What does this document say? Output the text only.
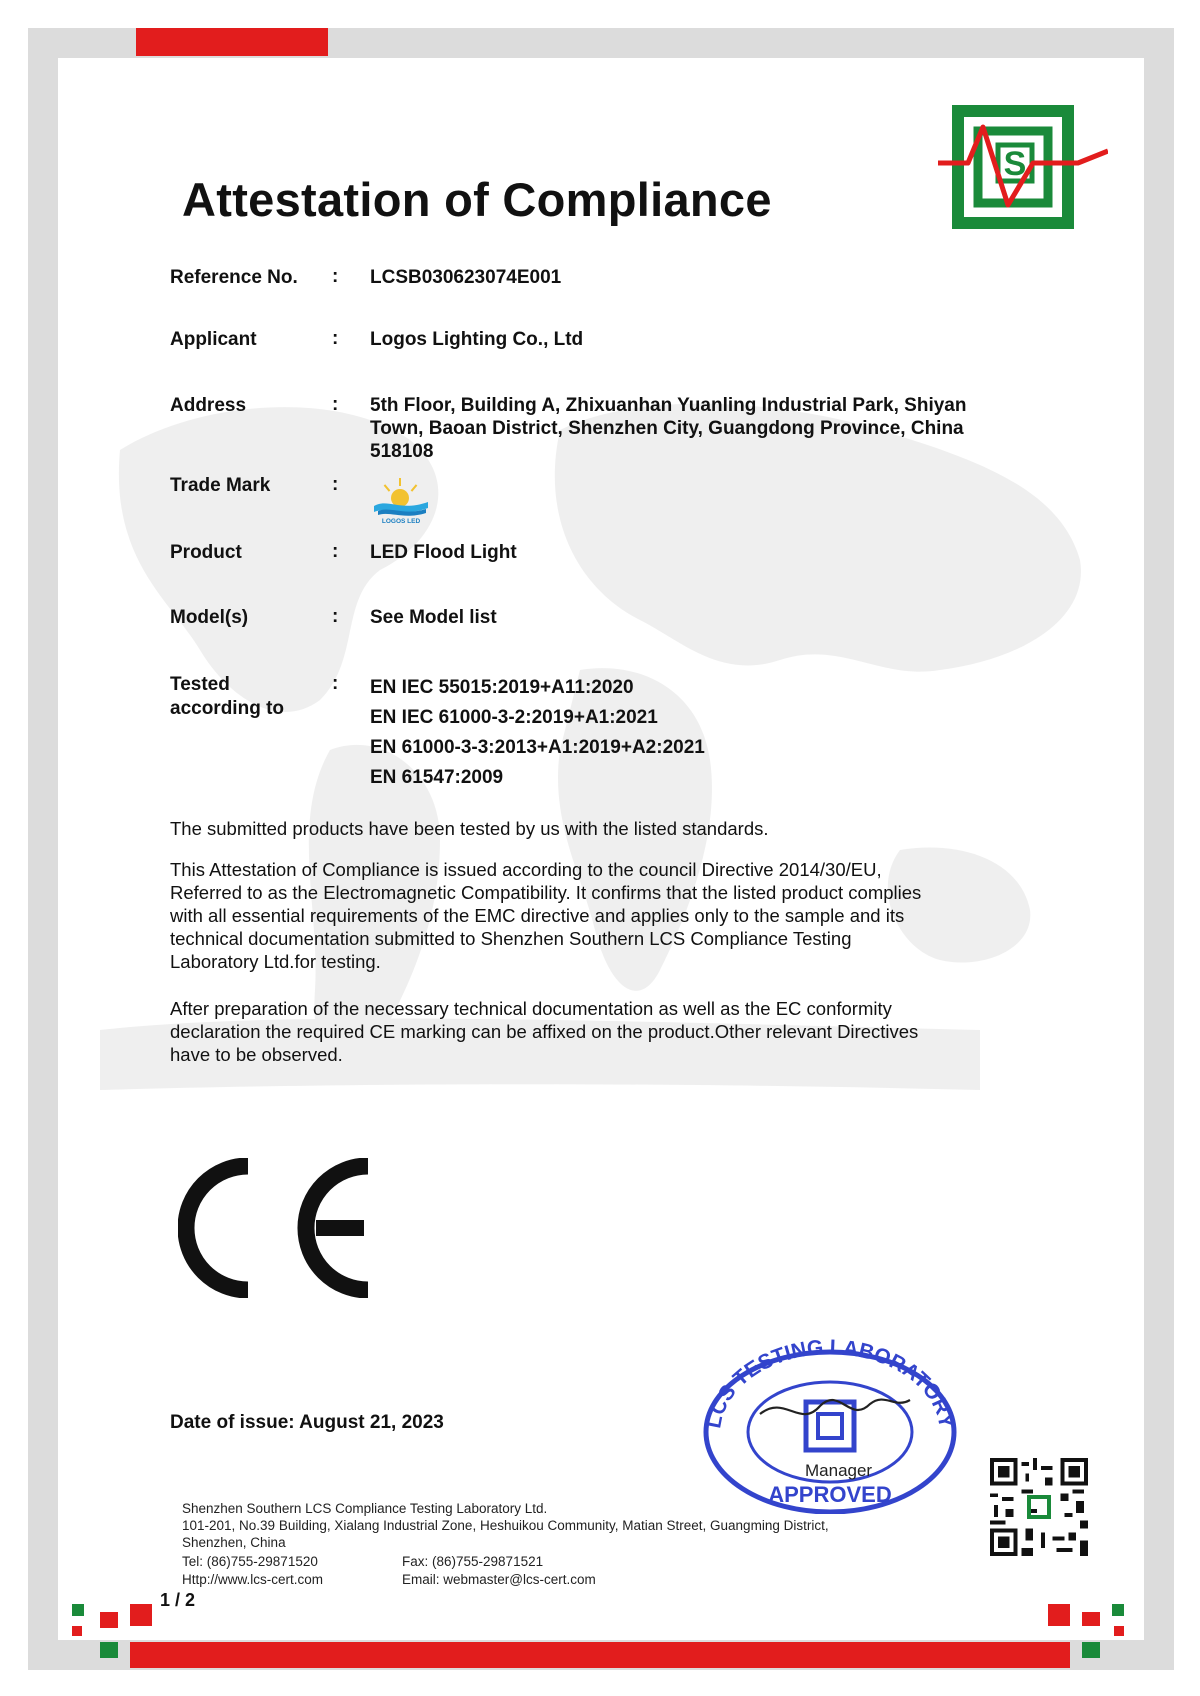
Attestation of Compliance
S
Reference No. : LCSB030623074E001
Applicant	: Logos Lighting Co., Ltd
Address	: 5th Floor, Building A, Zhixuanhan Yuanling Industrial Park, Shiyan
Town, Baoan District, Shenzhen City, Guangdong Province, China
518108
Trade Mark	:
LOGOS LED
Product	: LED Flood Light
Model(s)	: See Model list
Tested
according to
: EN IEC 55015:2019+A11:2020
EN IEC 61000-3-2:2019+A1:2021
EN 61000-3-3:2013+A1:2019+A2:2021
EN 61547:2009
The submitted products have been tested by us with the listed standards.
This Attestation of Compliance is issued according to the council Directive 2014/30/EU,
Referred to as the Electromagnetic Compatibility. It confirms that the listed product complies
with all essential requirements of the EMC directive and applies only to the sample and its
technical documentation submitted to Shenzhen Southern LCS Compliance Testing
Laboratory Ltd.for testing.
After preparation of the necessary technical documentation as well as the EC conformity
declaration the required CE marking can be affixed on the product.Other relevant Directives
have to be observed.
Date of issue: August 21, 2023	LCS TESTING LABORATORY
APPROVED
Manager
Shenzhen Southern LCS Compliance Testing Laboratory Ltd.
101-201, No.39 Building, Xialang Industrial Zone, Heshuikou Community, Matian Street, Guangming District,
Shenzhen, China
Tel: (86)755-29871520	Fax: (86)755-29871521
Http://www.lcs-cert.com	Email: webmaster@lcs-cert.com
1 / 2
